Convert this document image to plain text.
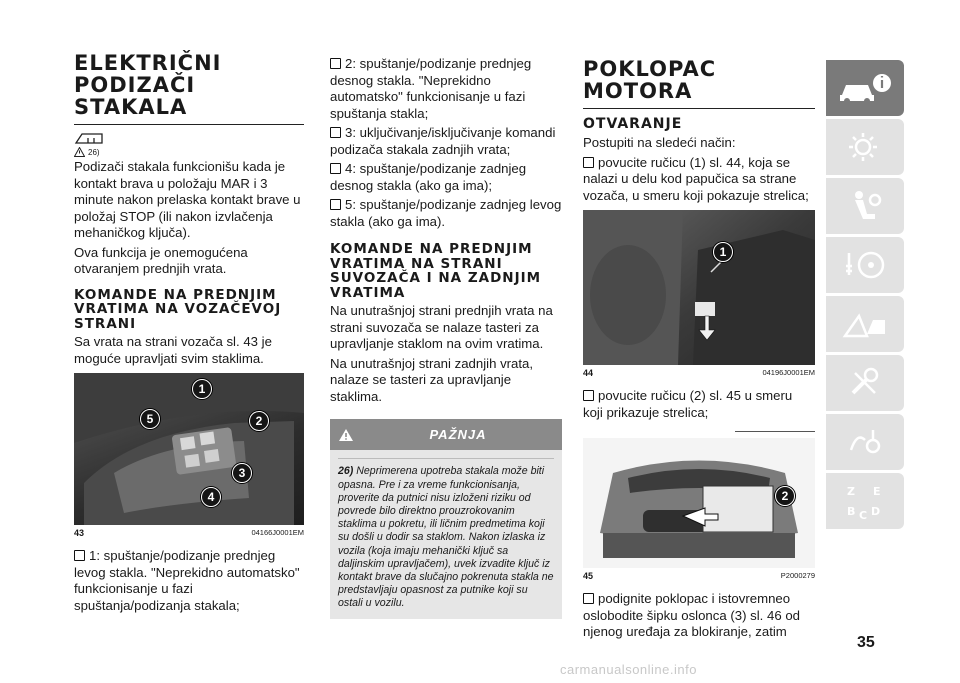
ELEKTRIČNI PODIZAČI STAKALA
26)

Podizači stakala funkcionišu kada je kontakt brava u položaju MAR i 3 minute nakon prelaska kontakt brave u položaj STOP (ili nakon izvlačenja mehaničkog ključa).

Ova funkcija je onemogućena otvaranjem prednjih vrata.

KOMANDE NA PREDNJIM VRATIMA NA VOZAČEVOJ STRANI

Sa vrata na strani vozača sl. 43 je moguće upravljati svim staklima.

1
2
3
4
5
43	04166J0001EM

1: spuštanje/podizanje prednjeg levog stakla. "Neprekidno automatsko" funkcionisanje u fazi spuštanja/podizanja stakala;

2: spuštanje/podizanje prednjeg desnog stakla. "Neprekidno automatsko" funkcionisanje u fazi spuštanja stakla;

3: uključivanje/isključivanje komandi podizača stakala zadnjih vrata;

4: spuštanje/podizanje zadnjeg desnog stakla (ako ga ima);

5: spuštanje/podizanje zadnjeg levog stakla (ako ga ima).

KOMANDE NA PREDNJIM VRATIMA NA STRANI SUVOZAČA I NA ZADNJIM VRATIMA

Na unutrašnjoj strani prednjih vrata na strani suvozača se nalaze tasteri za upravljanje staklom na ovim vratima.

Na unutrašnjoj strani zadnjih vrata, nalaze se tasteri za upravljanje staklima.

PAŽNJA
26) Neprimerena upotreba stakala može biti opasna. Pre i za vreme funkcionisanja, proverite da putnici nisu izloženi riziku od povrede bilo direktno prouzrokovanim staklima u pokretu, ili ličnim predmetima koji su došli u dodir sa staklom. Nakon izlaska iz vozila (koja imaju mehanički ključ sa daljinskim upravljačem), uvek izvadite ključ iz kontakt brave da slučajno pokrenuta stakla ne predstavljaju opasnost za putnike koji su ostali u vozilu.
POKLOPAC MOTORA
OTVARANJE

Postupiti na sledeći način:

povucite ručicu (1) sl. 44, koja se nalazi u delu kod papučica sa strane vozača, u smeru koji pokazuje strelica;

1
44	04196J0001EM

povucite ručicu (2) sl. 45 u smeru koji prikazuje strelica;

2
45	P2000279

podignite poklopac i istovremneo oslobodite šipku oslonca (3) sl. 46 od njenog uređaja za blokiranje, zatim

Z E
B C D
35
carmanualsonline.info
